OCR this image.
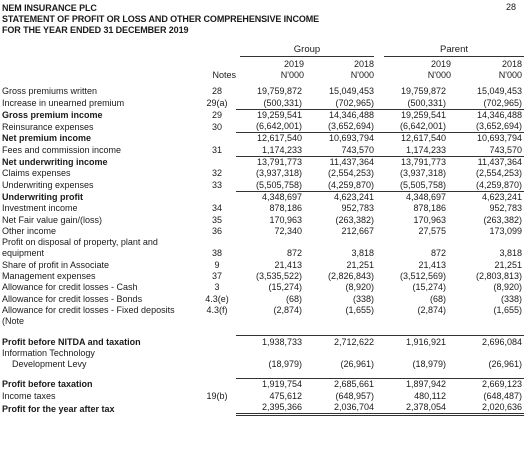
NEM INSURANCE PLC
STATEMENT OF PROFIT OR LOSS AND OTHER COMPREHENSIVE INCOME
FOR THE YEAR ENDED 31 DECEMBER 2019
28
Group	Parent
Notes
2019	2018	2019	2018
N'000	N'000	N'000	N'000
Gross premiums written	28	19,759,872	15,049,453	19,759,872	15,049,453
Increase in unearned premium	29(a)	(500,331)	(702,965)	(500,331)	(702,965)
Gross premium income	29	19,259,541	14,346,488	19,259,541	14,346,488
Reinsurance expenses	30	(6,642,001)	(3,652,694)	(6,642,001)	(3,652,694)
Net premium income		12,617,540	10,693,794	12,617,540	10,693,794
Fees and commission income	31	1,174,233	743,570	1,174,233	743,570
Net underwriting income		13,791,773	11,437,364	13,791,773	11,437,364
Claims expenses	32	(3,937,318)	(2,554,253)	(3,937,318)	(2,554,253)
Underwriting expenses	33	(5,505,758)	(4,259,870)	(5,505,758)	(4,259,870)
Underwriting profit		4,348,697	4,623,241	4,348,697	4,623,241
Investment income	34	878,186	952,783	878,186	952,783
Net Fair value gain/(loss)	35	170,963	(263,382)	170,963	(263,382)
Other income	36	72,340	212,667	27,575	173,099
Profit on disposal of property, plant and					
equipment	38	872	3,818	872	3,818
Share of profit in Associate	9	21,413	21,251	21,413	21,251
Management expenses	37	(3,535,522)	(2,826,843)	(3,512,569)	(2,803,813)
Allowance for credit losses - Cash	3	(15,274)	(8,920)	(15,274)	(8,920)
Allowance for credit losses - Bonds	4.3(e)	(68)	(338)	(68)	(338)
Allowance for credit losses - Fixed deposits	4.3(f)	(2,874)	(1,655)	(2,874)	(1,655)
(Note					

Profit before NITDA and taxation		1,938,733	2,712,622	1,916,921	2,696,084
Information Technology					
Development Levy		(18,979)	(26,961)	(18,979)	(26,961)

Profit before taxation		1,919,754	2,685,661	1,897,942	2,669,123
Income taxes	19(b)	475,612	(648,957)	480,112	(648,487)
Profit for the year after tax		2,395,366	2,036,704	2,378,054	2,020,636
